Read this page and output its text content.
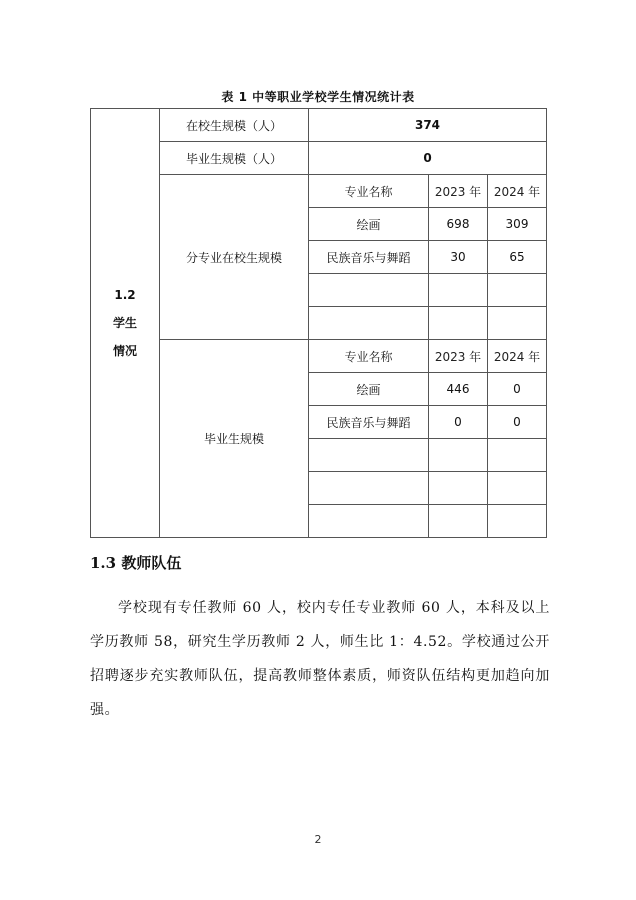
表 1 中等职业学校学生情况统计表
1.2
学生
情况	在校生规模（人）	374		
	毕业生规模（人）	0		
	分专业在校生规模	专业名称	2023 年	2024 年
		绘画	698	309
		民族音乐与舞蹈	30	65

	毕业生规模	专业名称	2023 年	2024 年
		绘画	446	0
		民族音乐与舞蹈	0	0

1.3 教师队伍

学校现有专任教师 60 人，校内专任专业教师 60 人，本科及以上学历教师 58，研究生学历教师 2 人，师生比 1：4.52。学校通过公开招聘逐步充实教师队伍，提高教师整体素质，师资队伍结构更加趋向加强。

2
